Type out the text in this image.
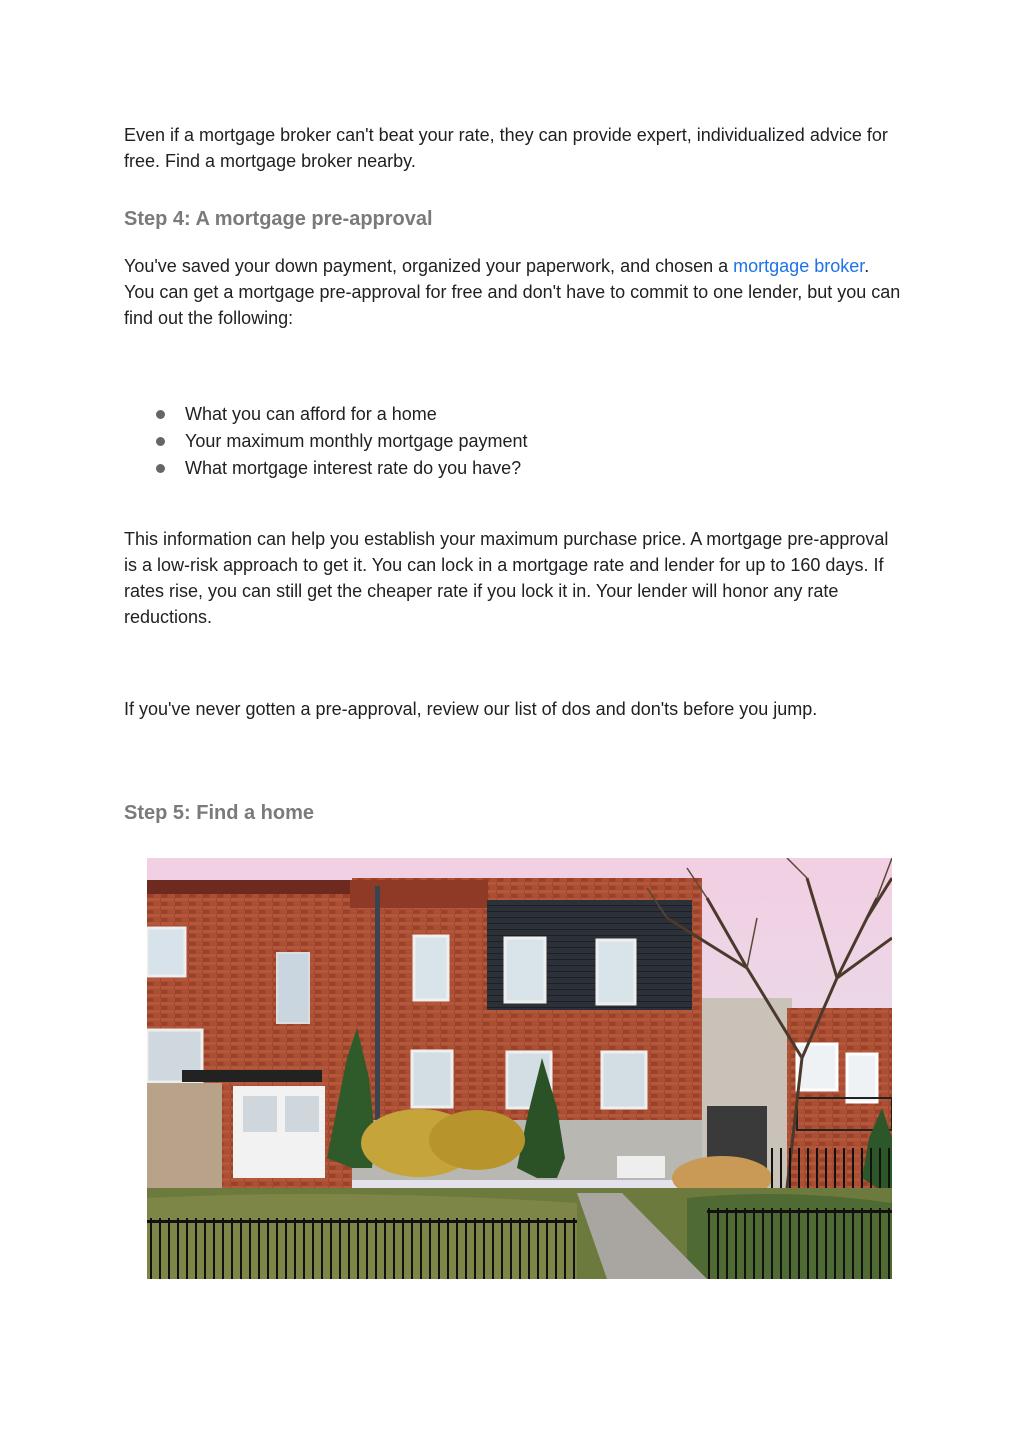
Even if a mortgage broker can't beat your rate, they can provide expert, individualized advice for free. Find a mortgage broker nearby.

Step 4: A mortgage pre-approval

You've saved your down payment, organized your paperwork, and chosen a mortgage broker. You can get a mortgage pre-approval for free and don't have to commit to one lender, but you can find out the following:

What you can afford for a home
Your maximum monthly mortgage payment
What mortgage interest rate do you have?

This information can help you establish your maximum purchase price. A mortgage pre-approval is a low-risk approach to get it. You can lock in a mortgage rate and lender for up to 160 days. If rates rise, you can still get the cheaper rate if you lock it in. Your lender will honor any rate reductions.

If you've never gotten a pre-approval, review our list of dos and don'ts before you jump.

Step 5: Find a home
